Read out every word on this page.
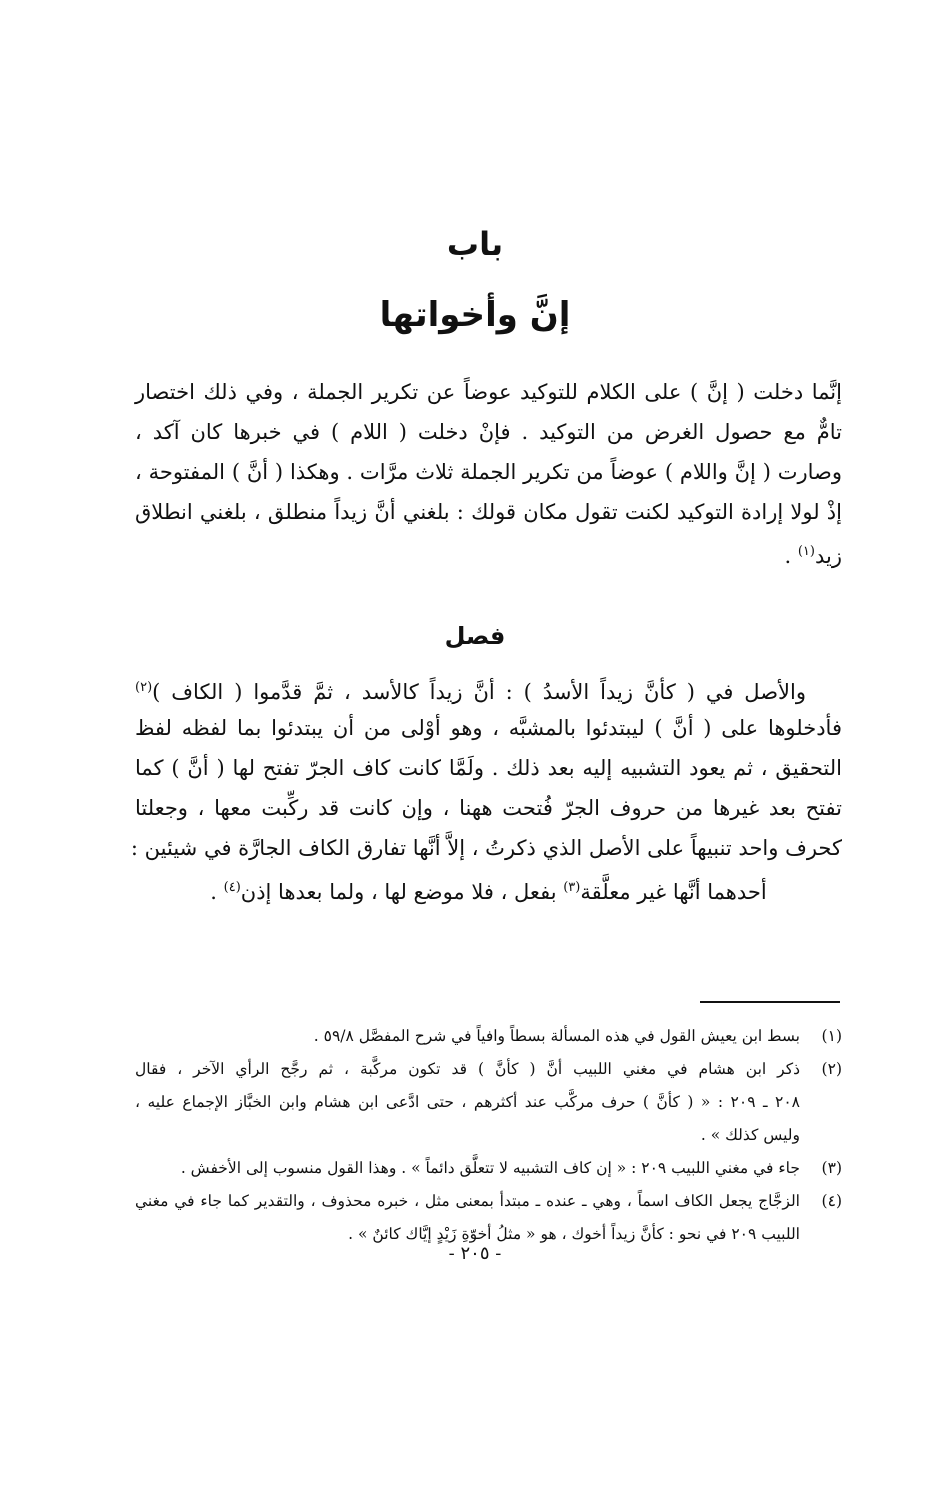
باب
إنَّ وأخواتها
إنَّما دخلت ( إنَّ ) على الكلام للتوكيد عوضاً عن تكرير الجملة ، وفي ذلك اختصار
تامٌّ مع حصول الغرض من التوكيد . فإنْ دخلت ( اللام ) في خبرها كان آكد ،
وصارت ( إنَّ واللام ) عوضاً من تكرير الجملة ثلاث مرَّات . وهكذا ( أنَّ ) المفتوحة ،
إذْ لولا إرادة التوكيد لكنت تقول مكان قولك : بلغني أنَّ زيداً منطلق ، بلغني انطلاق
زيد$^{(١)}$ .
فصل
والأصل في ( كأنَّ زيداً الأسدُ ) : أنَّ زيداً كالأسد ، ثمَّ قدَّموا ( الكاف )$^{(٢)}$
فأدخلوها على ( أنَّ ) ليبتدئوا بالمشبَّه ، وهو أوْلى من أن يبتدئوا بما لفظه لفظ
التحقيق ، ثم يعود التشبيه إليه بعد ذلك . ولَمَّا كانت كاف الجرّ تفتح لها ( أنَّ ) كما
تفتح بعد غيرها من حروف الجرّ فُتحت ههنا ، وإن كانت قد ركِّبت معها ، وجعلتا
كحرف واحد تنبيهاً على الأصل الذي ذكرتُ ، إلاَّ أنَّها تفارق الكاف الجارَّة في شيئين :
أحدهما أنَّها غير معلَّقة$^{(٣)}$ بفعل ، فلا موضع لها ، ولما بعدها إذن$^{(٤)}$ .
(١)
بسط ابن يعيش القول في هذه المسألة بسطاً وافياً في شرح المفصَّل ٥٩/٨ .
(٢)
ذكر ابن هشام في مغني اللبيب أنَّ ( كأنَّ ) قد تكون مركَّبة ، ثم رجَّح الرأي الآخر ، فقال
٢٠٨ ـ ٢٠٩ : « ( كأنَّ ) حرف مركَّب عند أكثرهم ، حتى ادَّعى ابن هشام وابن الخبَّاز الإجماع عليه ،
وليس كذلك » .
(٣)
جاء في مغني اللبيب ٢٠٩ : « إن كاف التشبيه لا تتعلَّق دائماً » . وهذا القول منسوب إلى الأخفش .
(٤)
الزجَّاج يجعل الكاف اسماً ، وهي ـ عنده ـ مبتدأ بمعنى مثل ، خبره محذوف ، والتقدير كما جاء في مغني
اللبيب ٢٠٩ في نحو : كأنَّ زيداً أخوك ، هو « مثلُ أخوّةِ زَيْدٍ إيَّاك كائنٌ » .
- ٢٠٥ -
